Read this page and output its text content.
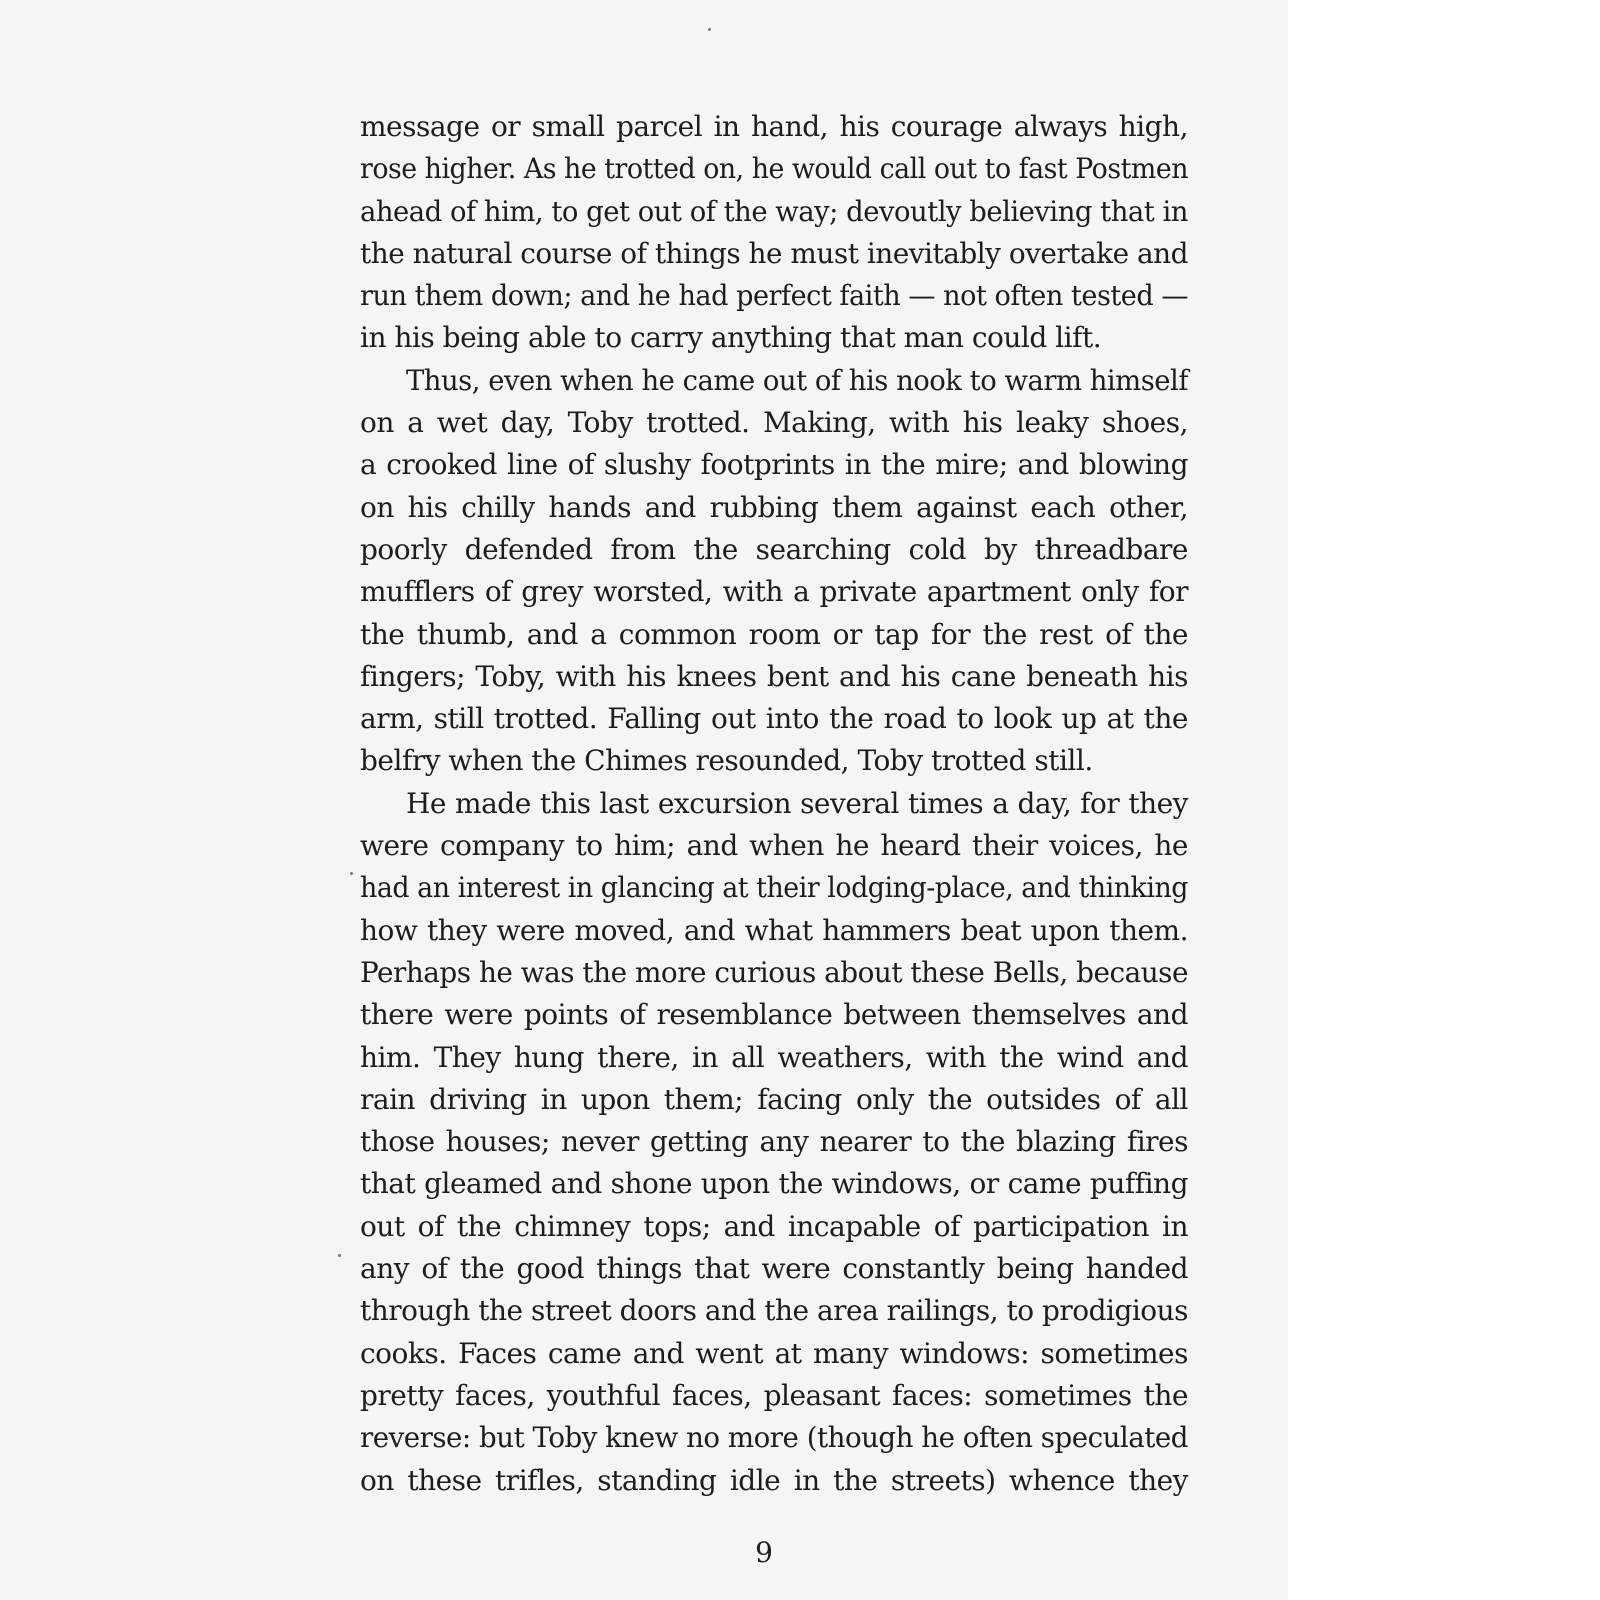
message or small parcel in hand, his courage always high,
rose higher. As he trotted on, he would call out to fast Postmen
ahead of him, to get out of the way; devoutly believing that in
the natural course of things he must inevitably overtake and
run them down; and he had perfect faith — not often tested —
in his being able to carry anything that man could lift.
Thus, even when he came out of his nook to warm himself
on a wet day, Toby trotted. Making, with his leaky shoes,
a crooked line of slushy footprints in the mire; and blowing
on his chilly hands and rubbing them against each other,
poorly defended from the searching cold by threadbare
mufflers of grey worsted, with a private apartment only for
the thumb, and a common room or tap for the rest of the
fingers; Toby, with his knees bent and his cane beneath his
arm, still trotted. Falling out into the road to look up at the
belfry when the Chimes resounded, Toby trotted still.
He made this last excursion several times a day, for they
were company to him; and when he heard their voices, he
had an interest in glancing at their lodging-place, and thinking
how they were moved, and what hammers beat upon them.
Perhaps he was the more curious about these Bells, because
there were points of resemblance between themselves and
him. They hung there, in all weathers, with the wind and
rain driving in upon them; facing only the outsides of all
those houses; never getting any nearer to the blazing fires
that gleamed and shone upon the windows, or came puffing
out of the chimney tops; and incapable of participation in
any of the good things that were constantly being handed
through the street doors and the area railings, to prodigious
cooks. Faces came and went at many windows: sometimes
pretty faces, youthful faces, pleasant faces: sometimes the
reverse: but Toby knew no more (though he often speculated
on these trifles, standing idle in the streets) whence they
9
